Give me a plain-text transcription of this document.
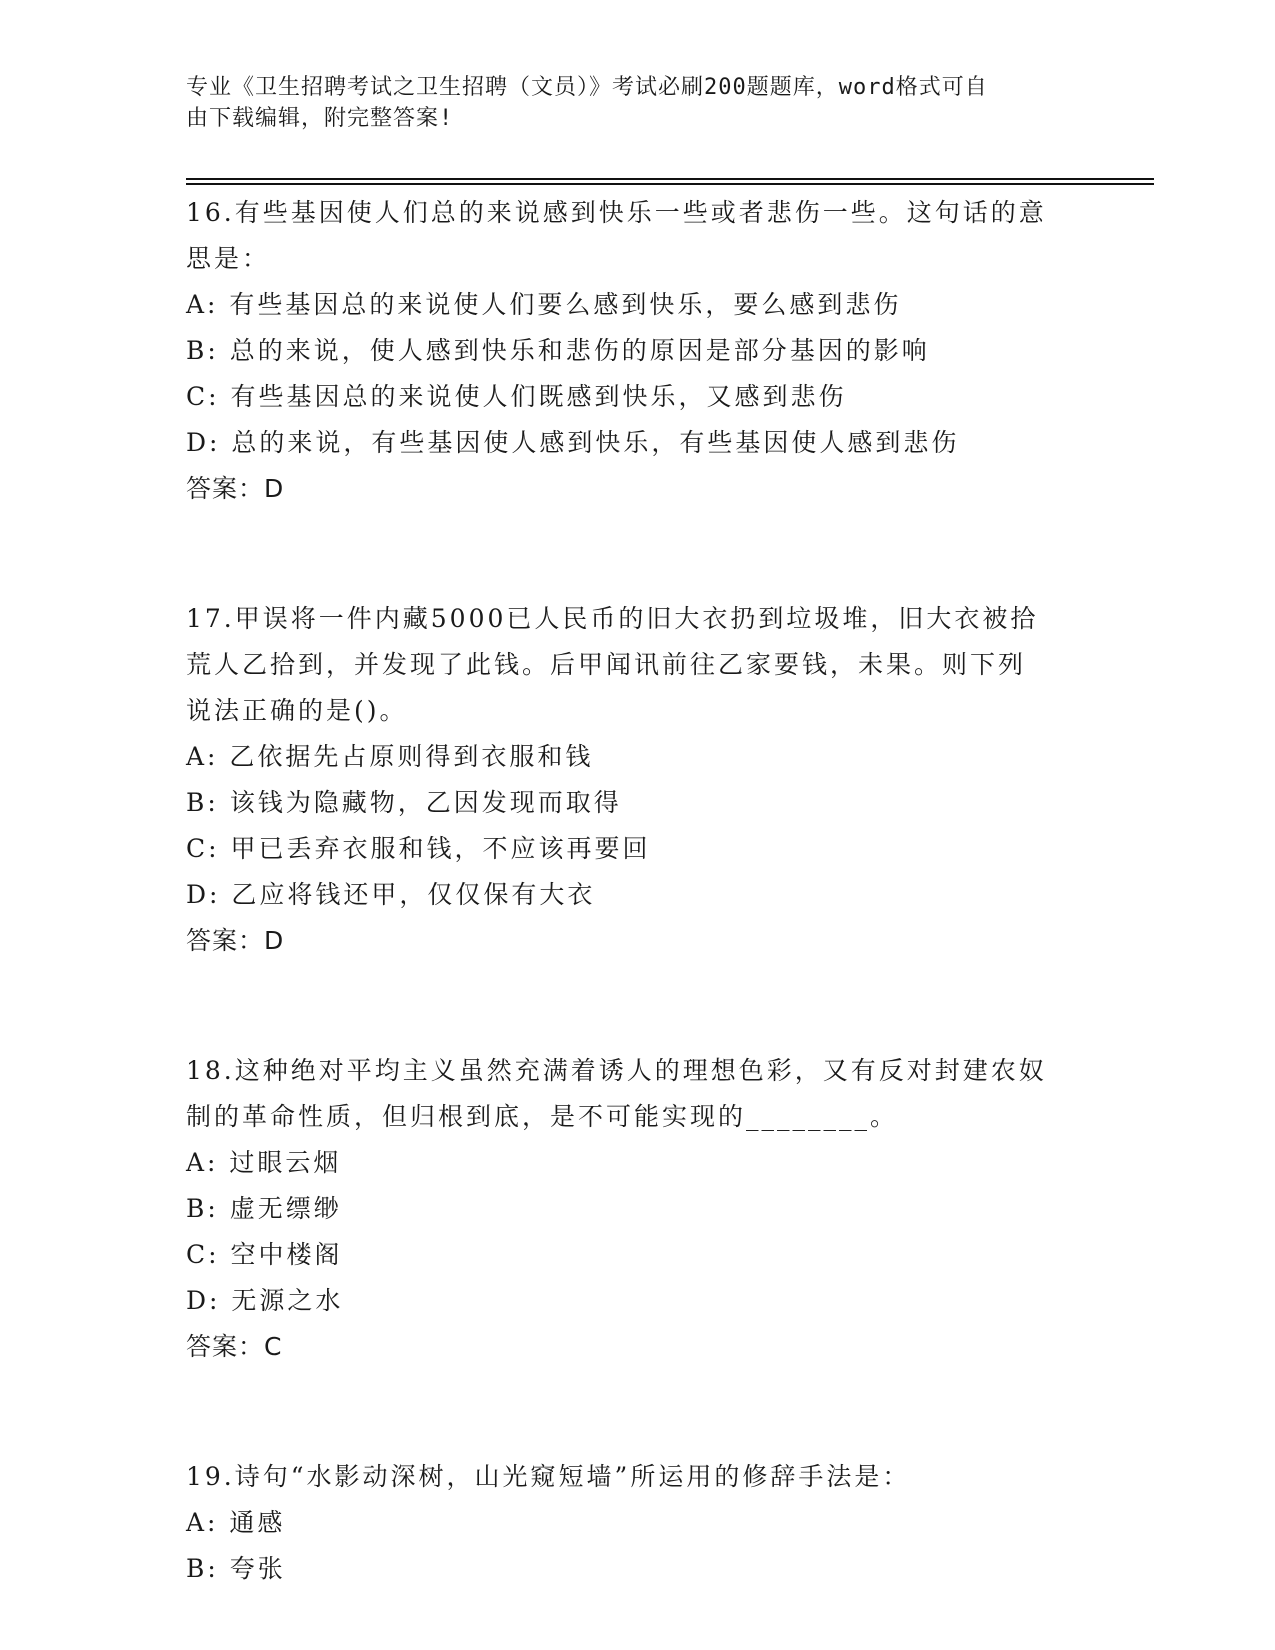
专业《卫生招聘考试之卫生招聘（文员）》考试必刷200题题库，word格式可自
由下载编辑，附完整答案!
16.有些基因使人们总的来说感到快乐一些或者悲伤一些。这句话的意
思是：
A: 有些基因总的来说使人们要么感到快乐，要么感到悲伤
B: 总的来说，使人感到快乐和悲伤的原因是部分基因的影响
C: 有些基因总的来说使人们既感到快乐，又感到悲伤
D: 总的来说，有些基因使人感到快乐，有些基因使人感到悲伤
答案：D
17.甲误将一件内藏5000已人民币的旧大衣扔到垃圾堆，旧大衣被拾
荒人乙拾到，并发现了此钱。后甲闻讯前往乙家要钱，未果。则下列
说法正确的是()。
A: 乙依据先占原则得到衣服和钱
B: 该钱为隐藏物，乙因发现而取得
C: 甲已丢弃衣服和钱，不应该再要回
D: 乙应将钱还甲，仅仅保有大衣
答案：D
18.这种绝对平均主义虽然充满着诱人的理想色彩，又有反对封建农奴
制的革命性质，但归根到底，是不可能实现的________。
A: 过眼云烟
B: 虚无缥缈
C: 空中楼阁
D: 无源之水
答案：C
19.诗句“水影动深树，山光窥短墙”所运用的修辞手法是：
A: 通感
B: 夸张
